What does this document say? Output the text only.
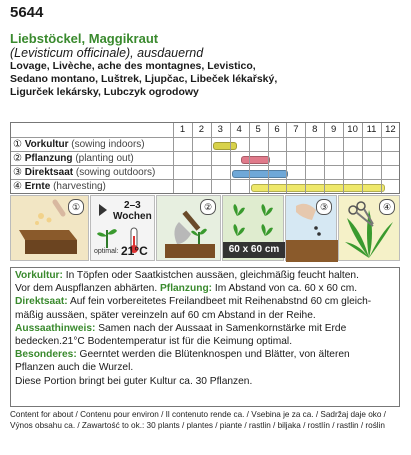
5644
Liebstöckel, Maggikraut
(Levisticum officinale), ausdauernd
Lovage, Livèche, ache des montagnes, Levistico,
Sedano montano, Luštrek, Ljupčac, Libeček lékařský,
Ligurček lekársky, Lubczyk ogrodowy
1	2	3	4	5	6	7	8	9	10 11 12
① Vorkultur (sowing indoors)
② Pflanzung (planting out)
③ Direktsaat (sowing outdoors)
④ Ernte (harvesting)
①	2–3
Wochen
optimal: 21°C
②
60 x 60 cm
③	④
Vorkultur: In Töpfen oder Saatkistchen aussäen, gleichmäßig feucht halten.
Vor dem Auspflanzen abhärten. Pflanzung: Im Abstand von ca. 60 x 60 cm.
Direktsaat: Auf fein vorbereitetes Freilandbeet mit Reihenabstnd 60 cm gleich-
mäßig aussäen, später vereinzeln auf 60 cm Abstand in der Reihe.
Aussaathinweis: Samen nach der Aussaat in Samenkornstärke mit Erde
bedecken.21°C Bodentemperatur ist für die Keimung optimal.
Besonderes: Geerntet werden die Blütenknospen und Blätter, von älteren
Pflanzen auch die Wurzel.
Diese Portion bringt bei guter Kultur ca. 30 Pflanzen.
Content for about / Contenu pour environ / Il contenuto rende ca. / Vsebina je za ca. / Sadržaj daje oko /
Výnos obsahu ca. / Zawartość to ok.: 30 plants / plantes / piante / rastlin / biljaka / rostlín / rastlin / roślin
